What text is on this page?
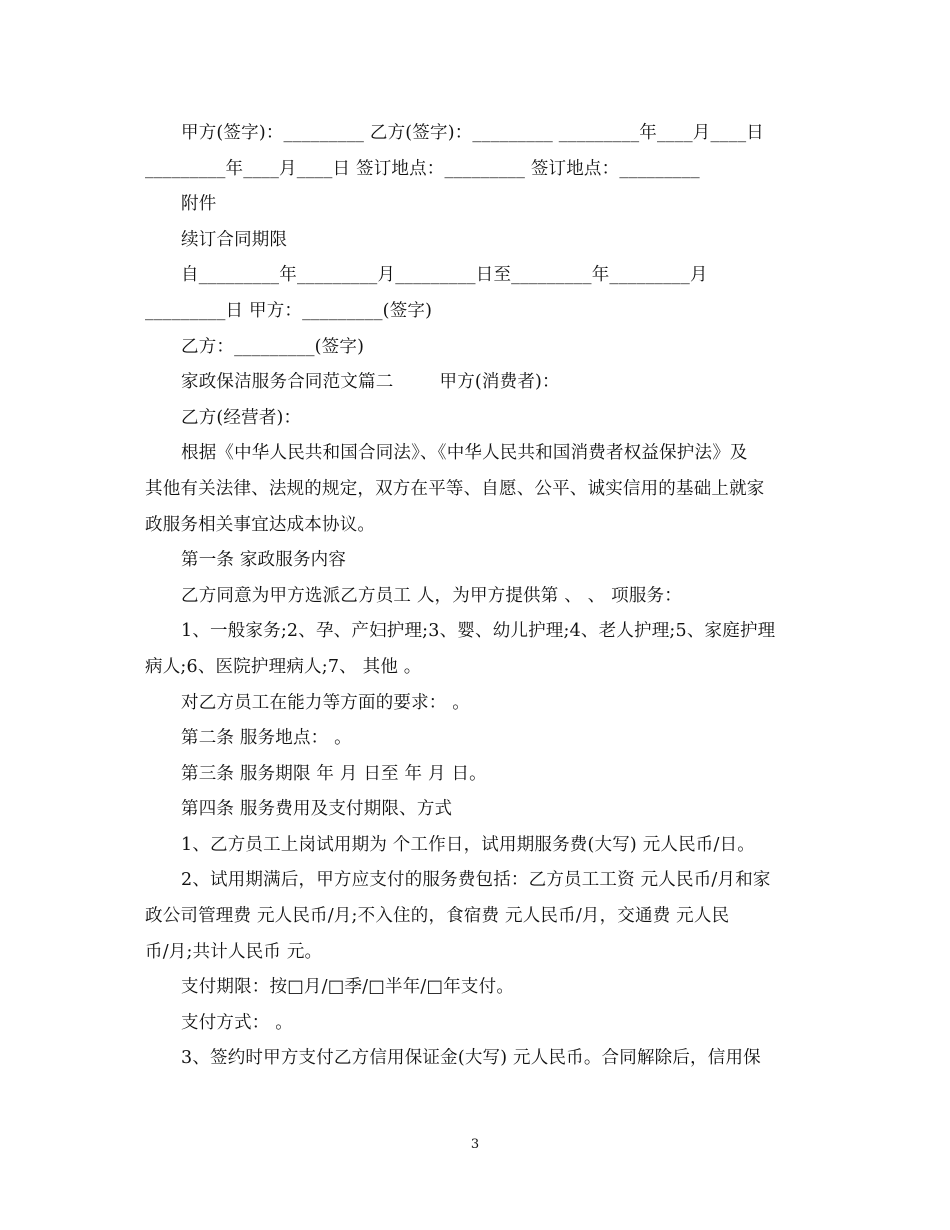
甲方(签字)：_________ 乙方(签字)：_________ _________年____月____日
_________年____月____日 签订地点：_________ 签订地点：_________
附件
续订合同期限
自_________年_________月_________日至_________年_________月
_________日 甲方：_________(签字)
乙方：_________(签字)
家政保洁服务合同范文篇二        甲方(消费者)：
乙方(经营者)：
根据《中华人民共和国合同法》、《中华人民共和国消费者权益保护法》及
其他有关法律、法规的规定，双方在平等、自愿、公平、诚实信用的基础上就家
政服务相关事宜达成本协议。
第一条 家政服务内容
乙方同意为甲方选派乙方员工 人，为甲方提供第 、 、 项服务：
1、一般家务;2、孕、产妇护理;3、婴、幼儿护理;4、老人护理;5、家庭护理
病人;6、医院护理病人;7、 其他 。
对乙方员工在能力等方面的要求： 。
第二条 服务地点： 。
第三条 服务期限 年 月 日至 年 月 日。
第四条 服务费用及支付期限、方式
1、乙方员工上岗试用期为 个工作日，试用期服务费(大写) 元人民币/日。
2、试用期满后，甲方应支付的服务费包括：乙方员工工资 元人民币/月和家
政公司管理费 元人民币/月;不入住的，食宿费 元人民币/月，交通费 元人民
币/月;共计人民币 元。
支付期限：按□月/□季/□半年/□年支付。
支付方式： 。
3、签约时甲方支付乙方信用保证金(大写) 元人民币。合同解除后，信用保
3
